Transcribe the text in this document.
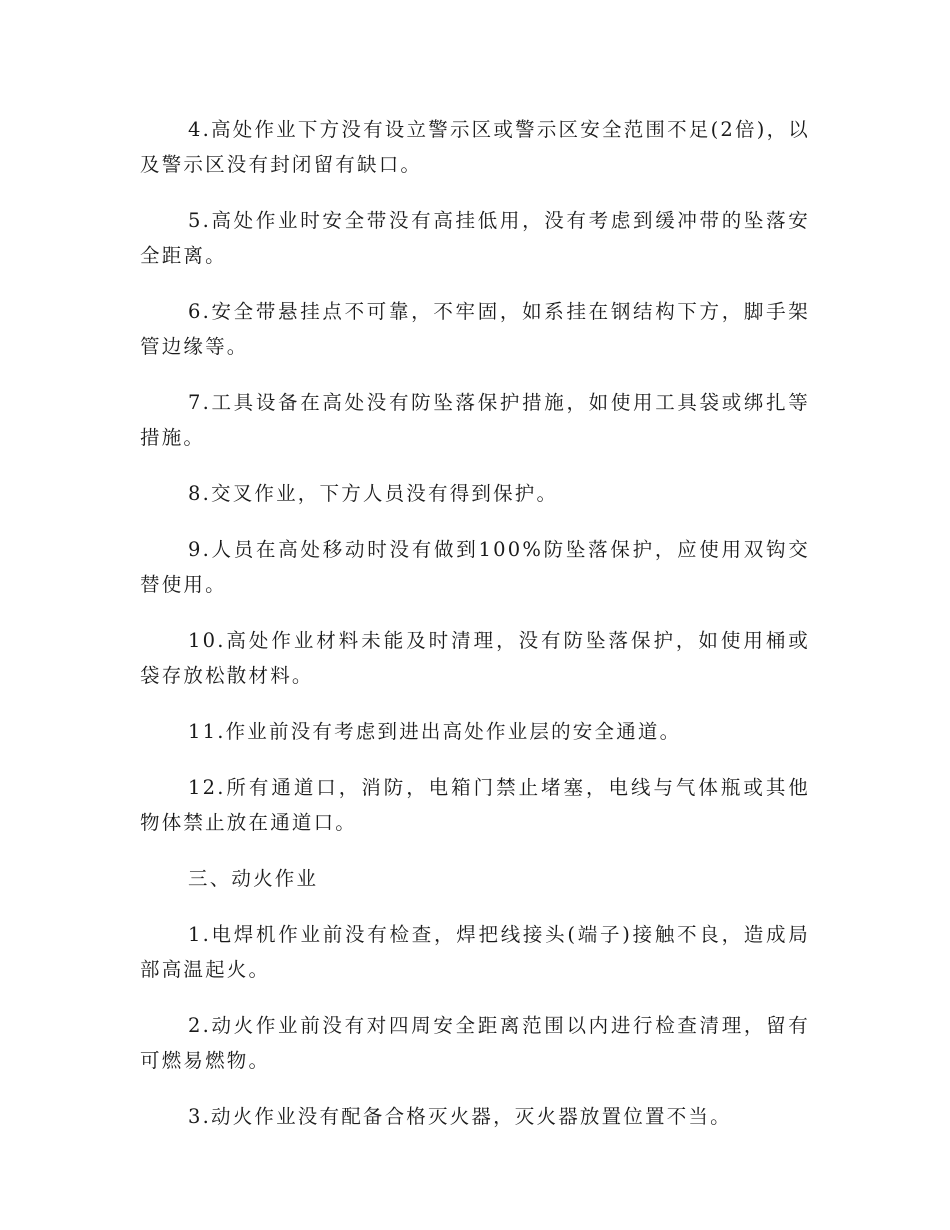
4.高处作业下方没有设立警示区或警示区安全范围不足(2倍)，以及警示区没有封闭留有缺口。

5.高处作业时安全带没有高挂低用，没有考虑到缓冲带的坠落安全距离。

6.安全带悬挂点不可靠，不牢固，如系挂在钢结构下方，脚手架管边缘等。

7.工具设备在高处没有防坠落保护措施，如使用工具袋或绑扎等措施。

8.交叉作业，下方人员没有得到保护。

9.人员在高处移动时没有做到100%防坠落保护，应使用双钩交替使用。

10.高处作业材料未能及时清理，没有防坠落保护，如使用桶或袋存放松散材料。

11.作业前没有考虑到进出高处作业层的安全通道。

12.所有通道口，消防，电箱门禁止堵塞，电线与气体瓶或其他物体禁止放在通道口。

三、动火作业

1.电焊机作业前没有检查，焊把线接头(端子)接触不良，造成局部高温起火。

2.动火作业前没有对四周安全距离范围以内进行检查清理，留有可燃易燃物。

3.动火作业没有配备合格灭火器，灭火器放置位置不当。
